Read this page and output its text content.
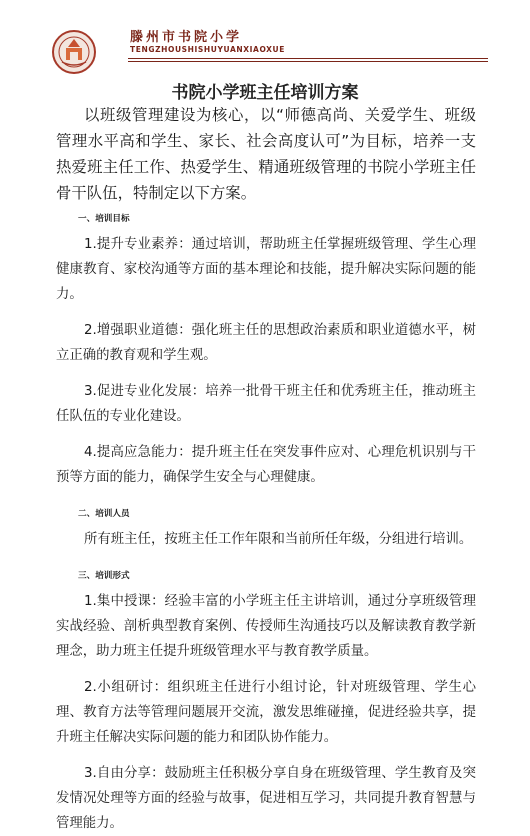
滕州市书院小学
TENGZHOUSHISHUYUANXIAOXUE
书院小学班主任培训方案

以班级管理建设为核心，以“师德高尚、关爱学生、班级管理水平高和学生、家长、社会高度认可”为目标，培养一支热爱班主任工作、热爱学生、精通班级管理的书院小学班主任骨干队伍，特制定以下方案。

一、培训目标

1.提升专业素养：通过培训，帮助班主任掌握班级管理、学生心理健康教育、家校沟通等方面的基本理论和技能，提升解决实际问题的能力。

2.增强职业道德：强化班主任的思想政治素质和职业道德水平，树立正确的教育观和学生观。

3.促进专业化发展：培养一批骨干班主任和优秀班主任，推动班主任队伍的专业化建设。

4.提高应急能力：提升班主任在突发事件应对、心理危机识别与干预等方面的能力，确保学生安全与心理健康。

二、培训人员

所有班主任，按班主任工作年限和当前所任年级，分组进行培训。

三、培训形式

1.集中授课：经验丰富的小学班主任主讲培训，通过分享班级管理实战经验、剖析典型教育案例、传授师生沟通技巧以及解读教育教学新理念，助力班主任提升班级管理水平与教育教学质量。

2.小组研讨：组织班主任进行小组讨论，针对班级管理、学生心理、教育方法等管理问题展开交流，激发思维碰撞，促进经验共享，提升班主任解决实际问题的能力和团队协作能力。

3.自由分享：鼓励班主任积极分享自身在班级管理、学生教育及突发情况处理等方面的经验与故事，促进相互学习，共同提升教育智慧与管理能力。
